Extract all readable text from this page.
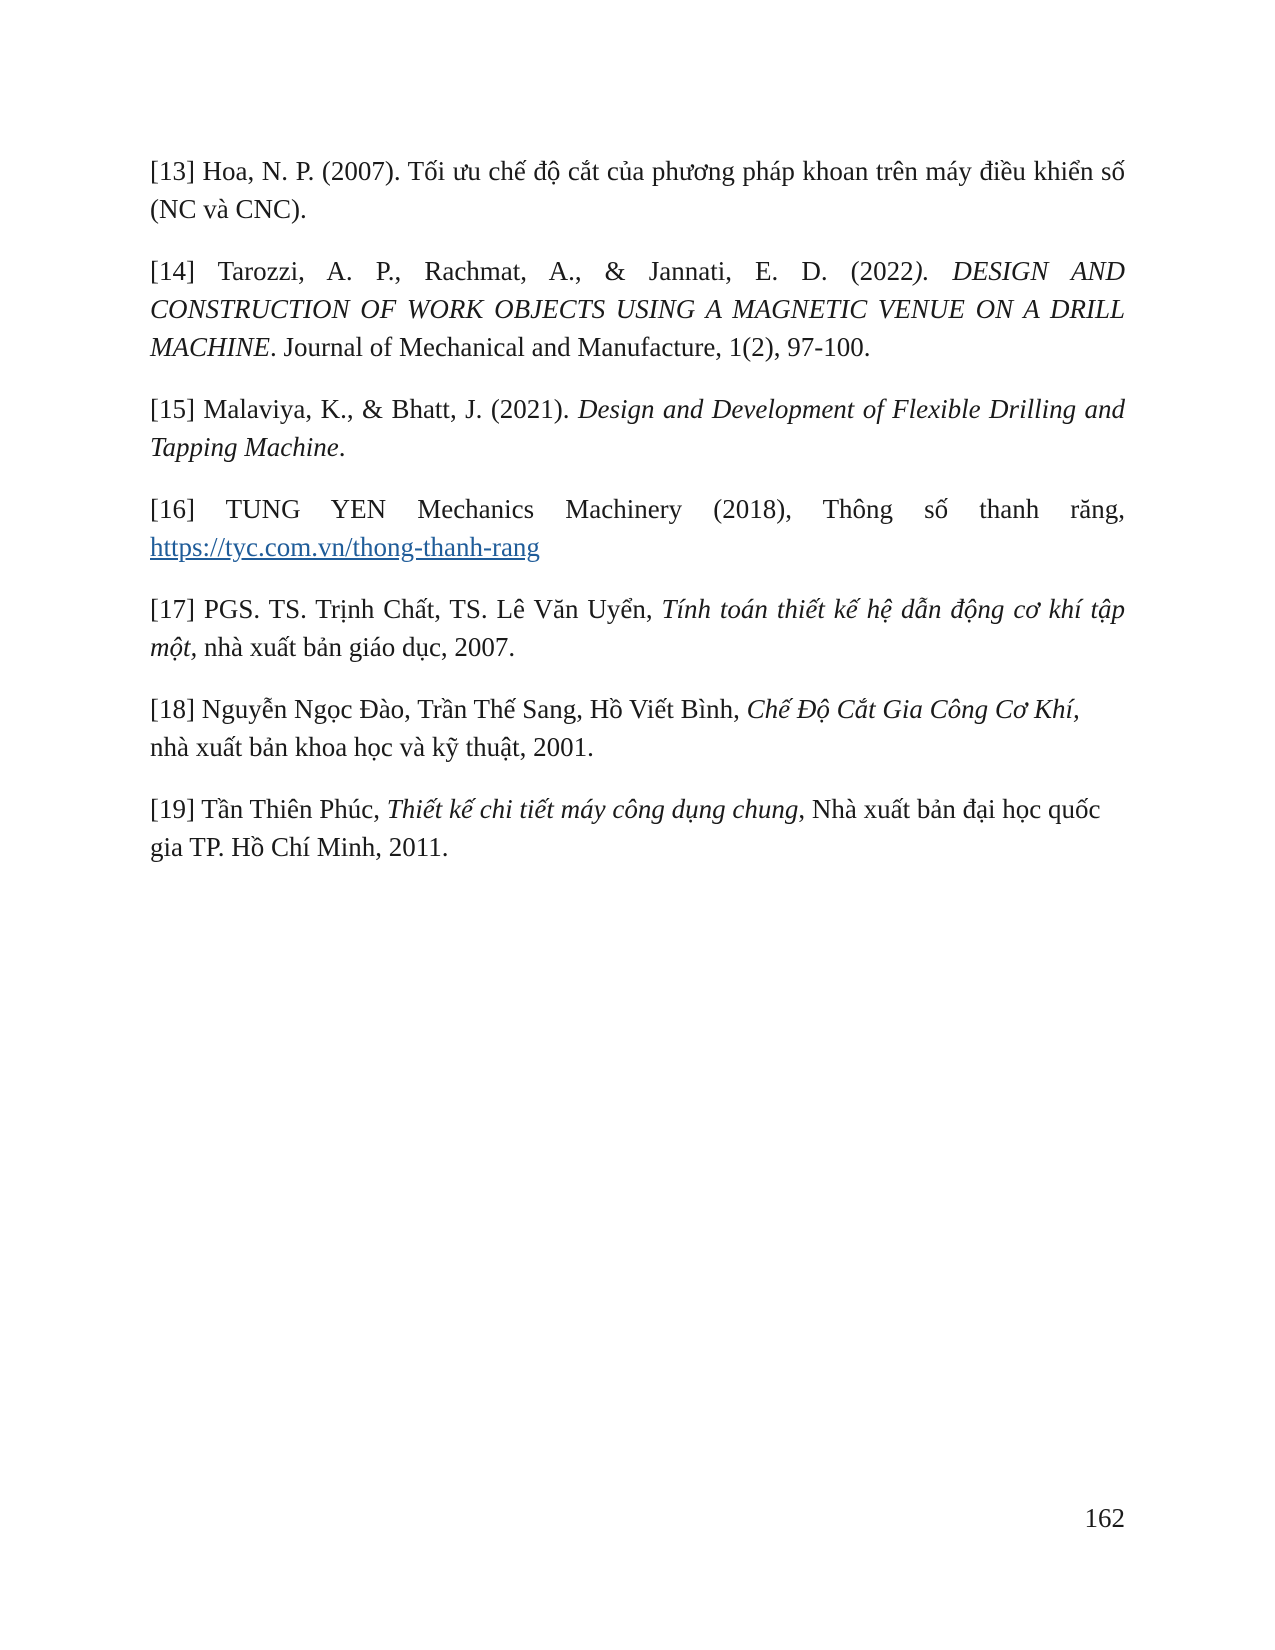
[13] Hoa, N. P. (2007). Tối ưu chế độ cắt của phương pháp khoan trên máy điều khiển số (NC và CNC).

[14] Tarozzi, A. P., Rachmat, A., & Jannati, E. D. (2022). DESIGN AND CONSTRUCTION OF WORK OBJECTS USING A MAGNETIC VENUE ON A DRILL MACHINE. Journal of Mechanical and Manufacture, 1(2), 97-100.

[15] Malaviya, K., & Bhatt, J. (2021). Design and Development of Flexible Drilling and Tapping Machine.

[16] TUNG YEN Mechanics Machinery (2018), Thông số thanh răng, https://tyc.com.vn/thong-thanh-rang

[17] PGS. TS. Trịnh Chất, TS. Lê Văn Uyển, Tính toán thiết kế hệ dẫn động cơ khí tập một, nhà xuất bản giáo dục, 2007.

[18] Nguyễn Ngọc Đào, Trần Thế Sang, Hồ Viết Bình, Chế Độ Cắt Gia Công Cơ Khí, nhà xuất bản khoa học và kỹ thuật, 2001.

[19] Tần Thiên Phúc, Thiết kế chi tiết máy công dụng chung, Nhà xuất bản đại học quốc gia TP. Hồ Chí Minh, 2011.

162
